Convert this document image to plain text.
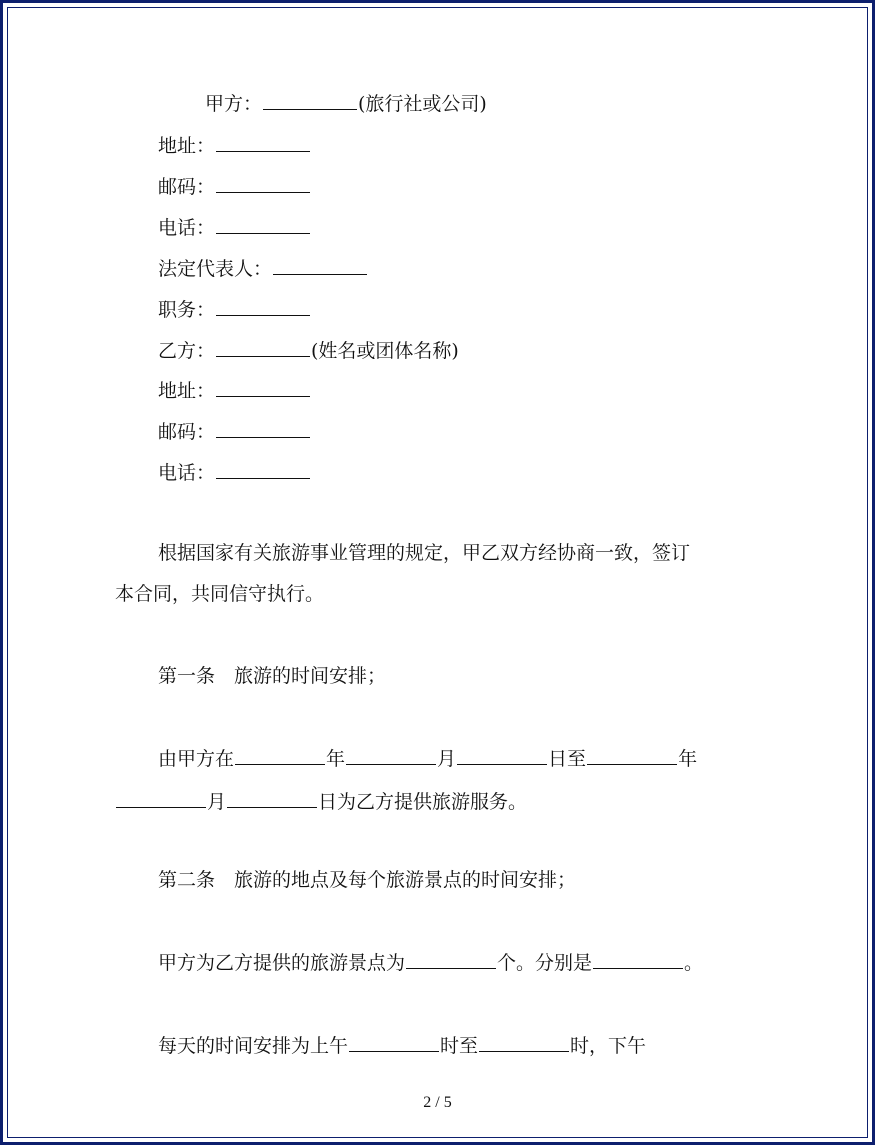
甲方：	(旅行社或公司)
地址：
邮码：
电话：
法定代表人：
职务：
乙方：	(姓名或团体名称)
地址：
邮码：
电话：
根据国家有关旅游事业管理的规定，甲乙双方经协商一致，签订
本合同，共同信守执行。
第一条　旅游的时间安排；
由甲方在	年	月	日至	年
月	日为乙方提供旅游服务。
第二条　旅游的地点及每个旅游景点的时间安排；
甲方为乙方提供的旅游景点为	个。分别是	。
每天的时间安排为上午	时至	时，下午
2 / 5
